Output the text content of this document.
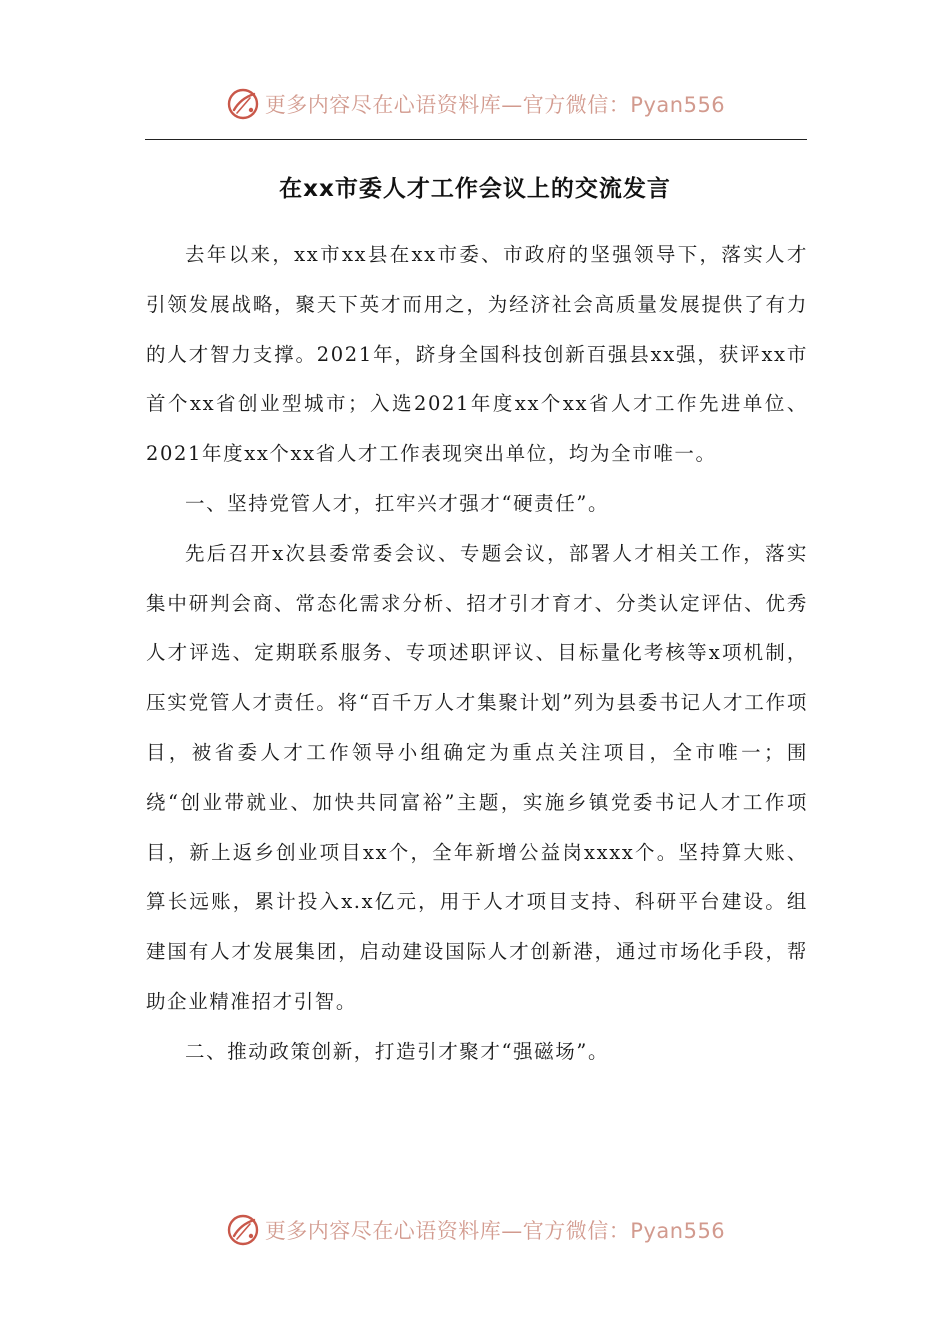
更多内容尽在心语资料库—官方微信：Pyan556
在xx市委人才工作会议上的交流发言

去年以来，xx市xx县在xx市委、市政府的坚强领导下，落实人才引领发展战略，聚天下英才而用之，为经济社会高质量发展提供了有力的人才智力支撑。2021年，跻身全国科技创新百强县xx强，获评xx市首个xx省创业型城市；入选2021年度xx个xx省人才工作先进单位、2021年度xx个xx省人才工作表现突出单位，均为全市唯一。

一、坚持党管人才，扛牢兴才强才“硬责任”。

先后召开x次县委常委会议、专题会议，部署人才相关工作，落实集中研判会商、常态化需求分析、招才引才育才、分类认定评估、优秀人才评选、定期联系服务、专项述职评议、目标量化考核等x项机制，压实党管人才责任。将“百千万人才集聚计划”列为县委书记人才工作项目，被省委人才工作领导小组确定为重点关注项目，全市唯一；围绕“创业带就业、加快共同富裕”主题，实施乡镇党委书记人才工作项目，新上返乡创业项目xx个，全年新增公益岗xxxx个。坚持算大账、算长远账，累计投入x.x亿元，用于人才项目支持、科研平台建设。组建国有人才发展集团，启动建设国际人才创新港，通过市场化手段，帮助企业精准招才引智。

二、推动政策创新，打造引才聚才“强磁场”。

更多内容尽在心语资料库—官方微信：Pyan556
